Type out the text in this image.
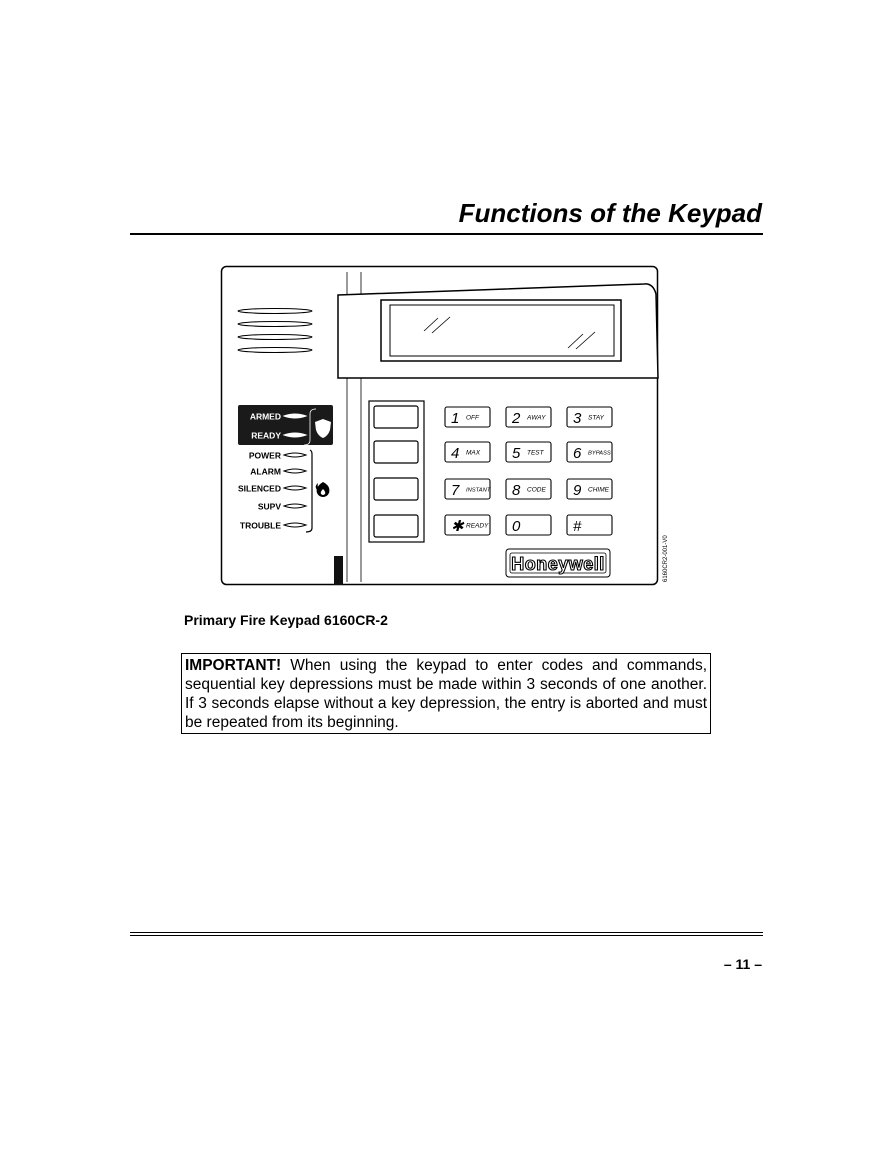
Functions of the Keypad
ARMED
READY
POWER
ALARM
SILENCED
SUPV
TROUBLE
1 OFF 2 AWAY 3 STAY
4 MAX 5 TEST 6 BYPASS
7 INSTANT 8 CODE 9 CHIME
✱ READY 0	#
Honeywell	6160CR2-001-V0
Primary Fire Keypad 6160CR-2
IMPORTANT! When using the keypad to enter codes and commands, sequential key depressions must be made within 3 seconds of one another. If 3 seconds elapse without a key depression, the entry is aborted and must be repeated from its beginning.
– 11 –
